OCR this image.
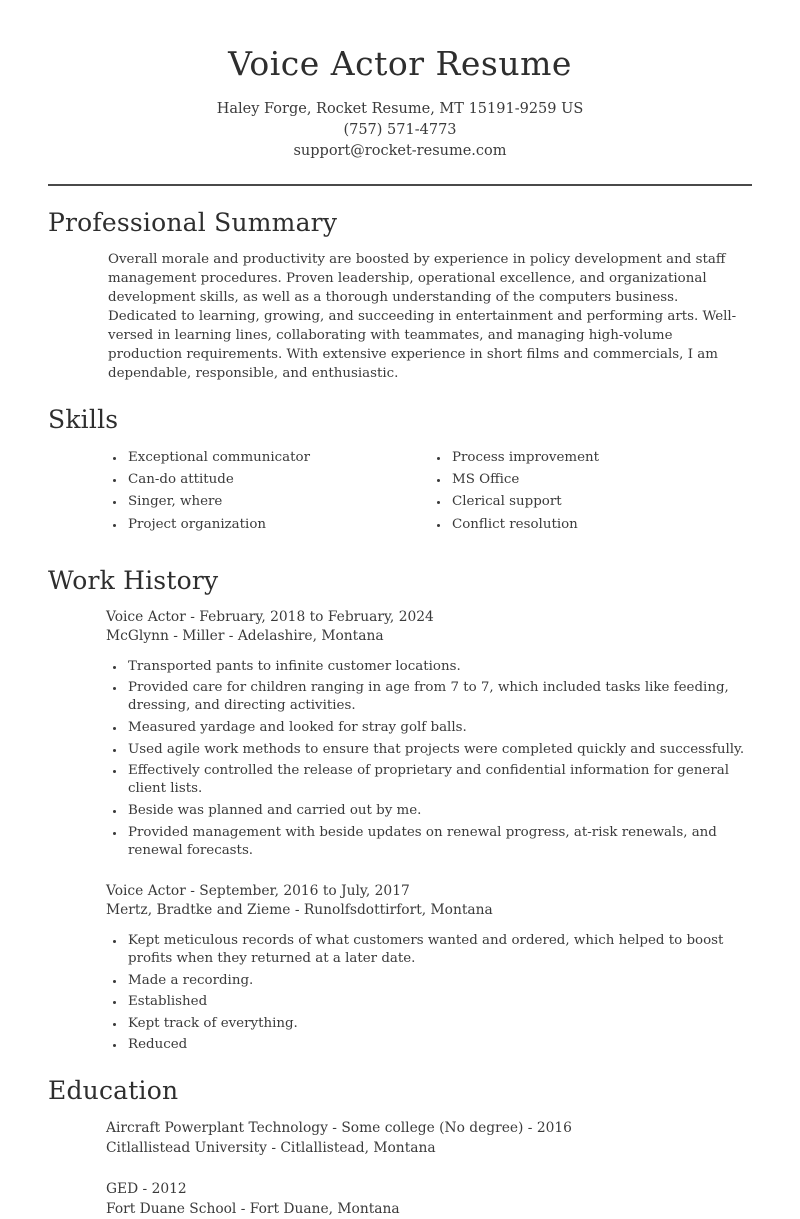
Voice Actor Resume
Haley Forge, Rocket Resume, MT 15191-9259 US
(757) 571-4773
support@rocket-resume.com
Professional Summary

Overall morale and productivity are boosted by experience in policy development and staff management procedures. Proven leadership, operational excellence, and organizational development skills, as well as a thorough understanding of the computers business. Dedicated to learning, growing, and succeeding in entertainment and performing arts. Well-versed in learning lines, collaborating with teammates, and managing high-volume production requirements. With extensive experience in short films and commercials, I am dependable, responsible, and enthusiastic.

Skills
• Exceptional communicator
• Can-do attitude
• Singer, where
• Project organization
• Process improvement
• MS Office
• Clerical support
• Conflict resolution
Work History
Voice Actor - February, 2018 to February, 2024
McGlynn - Miller - Adelashire, Montana
• Transported pants to infinite customer locations.
• Provided care for children ranging in age from 7 to 7, which included tasks like feeding, dressing, and directing activities.
• Measured yardage and looked for stray golf balls.
• Used agile work methods to ensure that projects were completed quickly and successfully.
• Effectively controlled the release of proprietary and confidential information for general client lists.
• Beside was planned and carried out by me.
• Provided management with beside updates on renewal progress, at-risk renewals, and renewal forecasts.
Voice Actor - September, 2016 to July, 2017
Mertz, Bradtke and Zieme - Runolfsdottirfort, Montana
• Kept meticulous records of what customers wanted and ordered, which helped to boost profits when they returned at a later date.
• Made a recording.
• Established
• Kept track of everything.
• Reduced
Education
Aircraft Powerplant Technology - Some college (No degree) - 2016
Citlallistead University - Citlallistead, Montana
GED - 2012
Fort Duane School - Fort Duane, Montana
